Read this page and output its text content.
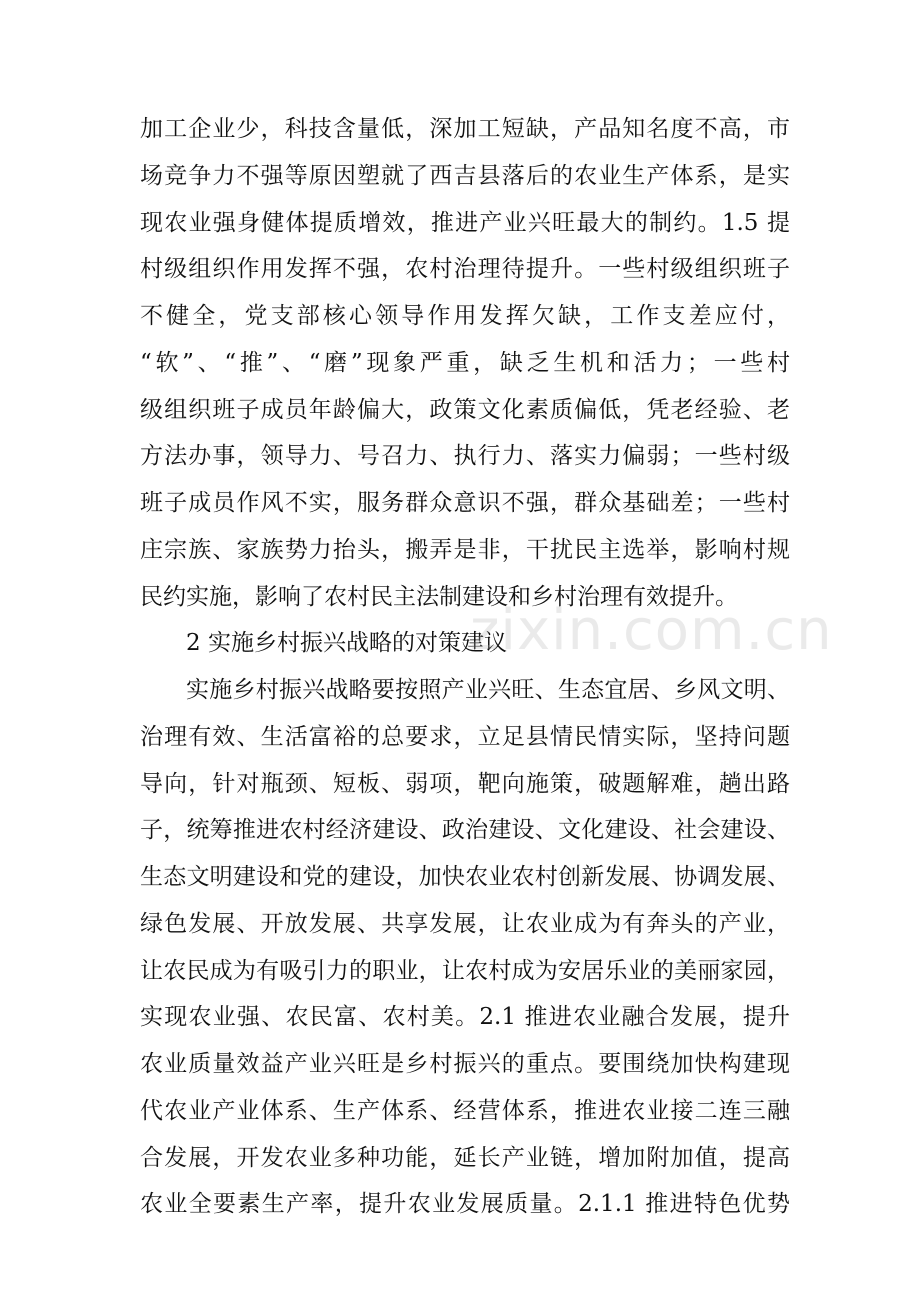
加工企业少，科技含量低，深加工短缺，产品知名度不高，市
场竞争力不强等原因塑就了西吉县落后的农业生产体系，是实
现农业强身健体提质增效，推进产业兴旺最大的制约。1.5 提
村级组织作用发挥不强，农村治理待提升。一些村级组织班子
不健全，党支部核心领导作用发挥欠缺，工作支差应付，
“软”、“推”、“磨”现象严重，缺乏生机和活力；一些村
级组织班子成员年龄偏大，政策文化素质偏低，凭老经验、老
方法办事，领导力、号召力、执行力、落实力偏弱；一些村级
班子成员作风不实，服务群众意识不强，群众基础差；一些村
庄宗族、家族势力抬头，搬弄是非，干扰民主选举，影响村规
民约实施，影响了农村民主法制建设和乡村治理有效提升。
2 实施乡村振兴战略的对策建议
实施乡村振兴战略要按照产业兴旺、生态宜居、乡风文明、
治理有效、生活富裕的总要求，立足县情民情实际，坚持问题
导向，针对瓶颈、短板、弱项，靶向施策，破题解难，趟出路
子，统筹推进农村经济建设、政治建设、文化建设、社会建设、
生态文明建设和党的建设，加快农业农村创新发展、协调发展、
绿色发展、开放发展、共享发展，让农业成为有奔头的产业，
让农民成为有吸引力的职业，让农村成为安居乐业的美丽家园，
实现农业强、农民富、农村美。2.1 推进农业融合发展，提升
农业质量效益产业兴旺是乡村振兴的重点。要围绕加快构建现
代农业产业体系、生产体系、经营体系，推进农业接二连三融
合发展，开发农业多种功能，延长产业链，增加附加值，提高
农业全要素生产率，提升农业发展质量。2.1.1 推进特色优势
zixin.com.cn
